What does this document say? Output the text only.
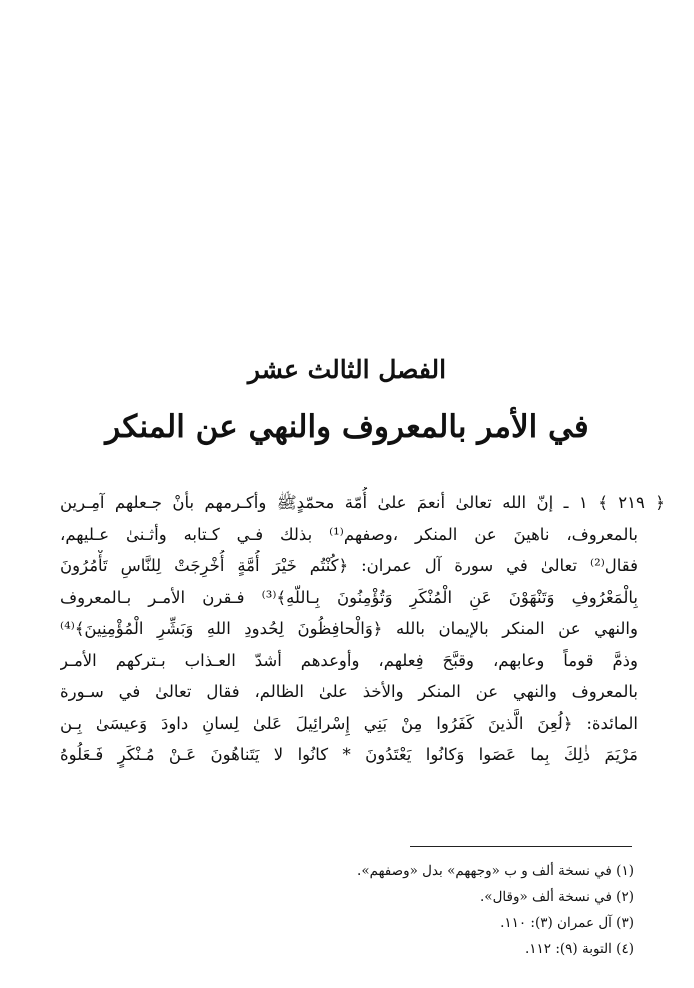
الفصل الثالث عشر
في الأمر بالمعروف والنهي عن المنكر
﴿ ٢١٩ ﴾ ١ ـ إنّ الله تعالىٰ أنعمَ علىٰ أُمّة محمّدٍﷺ وأكـرمهم بأنْ جـعلهم آمِـرين
بالمعروف، ناهينَ عن المنكر ،وصفهم⁽¹⁾ بذلك فـي كـتابه وأثـنىٰ عـليهم،
فقال⁽²⁾ تعالىٰ في سورة آل عمران: ﴿كُنْتُم خَيْرَ أُمَّةٍ أُخْرِجَتْ لِلنَّاسِ تَأْمُرُونَ
بِالْمَعْرُوفِ وَتَنْهَوْنَ عَنِ الْمُنْكَرِ وَتُؤْمِنُونَ بِـاللّهِ﴾⁽³⁾ فـقرن الأمـر بـالمعروف
والنهي عن المنكر بالإيمان بالله ﴿وَالْحافِظُونَ لِحُدودِ اللهِ وَبَشِّرِ الْمُؤْمِنِينَ﴾⁽⁴⁾
وذمَّ قوماً وعابهم، وقبَّحَ فِعلهم، وأوعدهم أشدّ العـذاب بـتركهم الأمـر
بالمعروف والنهي عن المنكر والأخذ علىٰ الظالم، فقال تعالىٰ في سـورة
المائدة: ﴿لُعِنَ الَّذينَ كَفَرُوا مِنْ بَنِي إِسْرائِيلَ عَلىٰ لِسانِ داودَ وَعيسَىٰ بِـن
مَرْيَمَ ذٰلِكَ بِما عَصَوا وَكانُوا يَعْتَدُونَ * كانُوا لا يَتَناهُونَ عَـنْ مُـنْكَرٍ فَـعَلُوهُ
(١) في نسخة ألف و ب «وجههم» بدل «وصفهم».
(٢) في نسخة ألف «وقال».
(٣) آل عمران (٣): ١١٠.
(٤) التوبة (٩): ١١٢.
